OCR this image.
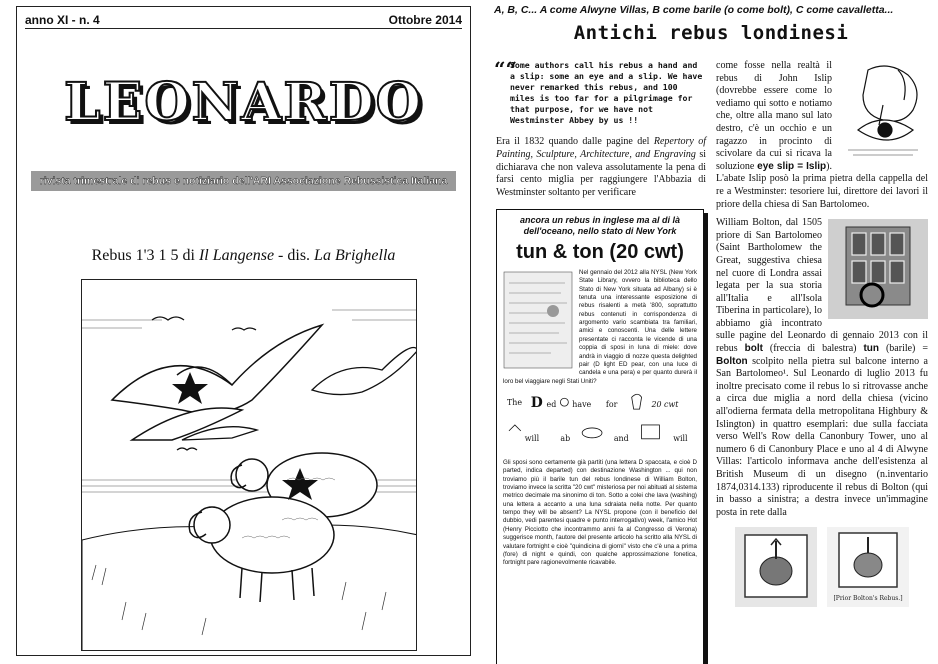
anno XI - n. 4	Ottobre 2014
LEONARDO
rivista trimestrale di rebus e notiziario dell'ARI Associazione Rebussistica Italiana
Rebus 1'3 1 5 di Il Langense - dis. La Brighella
A, B, C... A come Alwyne Villas, B come barile (o come bolt), C come cavalletta...
Antichi rebus londinesi
““
Some authors call his rebus a hand and a slip: some an eye and a slip. We have never remarked this rebus, and 100 miles is too far for a pilgrimage for that purpose, for we have not Westminster Abbey by us !!

Era il 1832 quando dalle pagine del Repertory of Painting, Sculpture, Architecture, and Engraving si dichiarava che non valeva assolutamente la pena di farsi cento miglia per raggiungere l'Abbazia di Westminster soltanto per verificare

ancora un rebus in inglese ma al di là dell'oceano, nello stato di New York
tun & ton (20 cwt)
Nel gennaio del 2012 alla NYSL (New York State Library, ovvero la biblioteca dello Stato di New York situata ad Albany) si è tenuta una interessante esposizione di rebus risalenti a metà '800, soprattutto rebus contenuti in corrispondenza di argomento vario scambiata tra familiari, amici e conoscenti. Una delle lettere presentate ci racconta le vicende di una coppia di sposi in luna di miele: dove andrà in viaggio di nozze questa delighted pair (D light ED pear, con una luce di candela e una pera) e per quanto durerà il loro bel viaggiare negli Stati Uniti?
The D ed have for	20 cwt
will	ab	and	will
Gli sposi sono certamente già partiti (una lettera D spaccata, e cioè D parted, indica departed) con destinazione Washington ... qui non troviamo più il barile tun del rebus londinese di William Bolton, troviamo invece la scritta "20 cwt" misteriosa per noi abituati al sistema metrico decimale ma sinonimo di ton. Sotto a colei che lava (washing) una lettera a accanto a una luna sdraiata nella notte. Per quanto tempo they will be absent? La NYSL propone (con il beneficio del dubbio, vedi parentesi quadre e punto interrogativo) week, l'amico Hot (Henry Picciotto che incontrammo anni fa al Congresso di Verona) suggerisce month, l'autore del presente articolo ha scritto alla NYSL di valutare fortnight e cioè "quindicina di giorni" visto che c'è una a prima (fore) di night e quindi, con qualche approssimazione fonetica, fortnight pare ragionevolmente ricavabile.

come fosse nella realtà il rebus di John Islip (dovrebbe essere come lo vediamo qui sotto e notiamo che, oltre alla mano sul lato destro, c'è un occhio e un ragazzo in procinto di scivolare da cui si ricava la soluzione eye slip = Islip). L'abate Islip posò la prima pietra della cappella del re a Westminster: tesoriere lui, direttore dei lavori il priore della chiesa di San Bartolomeo.

William Bolton, dal 1505 priore di San Bartolomeo (Saint Bartholomew the Great, suggestiva chiesa nel cuore di Londra assai legata per la sua storia all'Italia e all'Isola Tiberina in particolare), lo abbiamo già incontrato sulle pagine del Leonardo di gennaio 2013 con il rebus bolt (freccia di balestra) tun (barile) = Bolton scolpito nella pietra sul balcone interno a San Bartolomeo¹. Sul Leonardo di luglio 2013 fu inoltre precisato come il rebus lo si ritrovasse anche a circa due miglia a nord della chiesa (vicino all'odierna fermata della metropolitana Highbury & Islington) in quattro esemplari: due sulla facciata verso Well's Row della Canonbury Tower, uno al numero 6 di Canonbury Place e uno al 4 di Alwyne Villas: l'articolo informava anche dell'esistenza al British Museum di un disegno (n.inventario 1874,0314.133) riproducente il rebus di Bolton (qui in basso a sinistra; a destra invece un'immagine posta in rete dalla

[Prior Bolton's Rebus.]
